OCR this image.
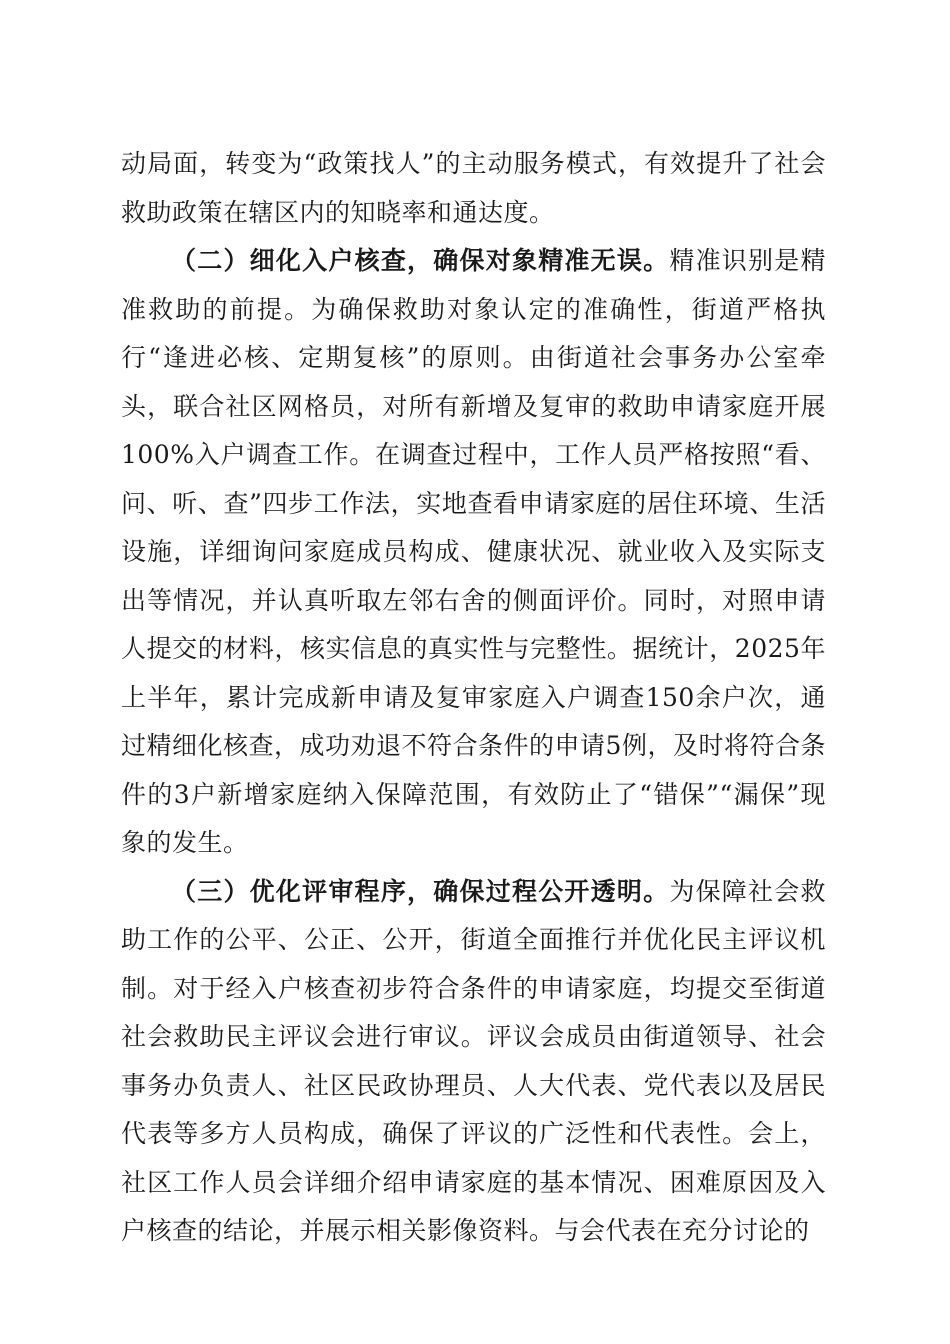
动局面，转变为“政策找人”的主动服务模式，有效提升了社会救助政策在辖区内的知晓率和通达度。

（二）细化入户核查，确保对象精准无误。精准识别是精准救助的前提。为确保救助对象认定的准确性，街道严格执行“逢进必核、定期复核”的原则。由街道社会事务办公室牵头，联合社区网格员，对所有新增及复审的救助申请家庭开展100%入户调查工作。在调查过程中，工作人员严格按照“看、问、听、查”四步工作法，实地查看申请家庭的居住环境、生活设施，详细询问家庭成员构成、健康状况、就业收入及实际支出等情况，并认真听取左邻右舍的侧面评价。同时，对照申请人提交的材料，核实信息的真实性与完整性。据统计，2025年上半年，累计完成新申请及复审家庭入户调查150余户次，通过精细化核查，成功劝退不符合条件的申请5例，及时将符合条件的3户新增家庭纳入保障范围，有效防止了“错保”“漏保”现象的发生。

（三）优化评审程序，确保过程公开透明。为保障社会救助工作的公平、公正、公开，街道全面推行并优化民主评议机制。对于经入户核查初步符合条件的申请家庭，均提交至街道社会救助民主评议会进行审议。评议会成员由街道领导、社会事务办负责人、社区民政协理员、人大代表、党代表以及居民代表等多方人员构成，确保了评议的广泛性和代表性。会上，社区工作人员会详细介绍申请家庭的基本情况、困难原因及入户核查的结论，并展示相关影像资料。与会代表在充分讨论的
